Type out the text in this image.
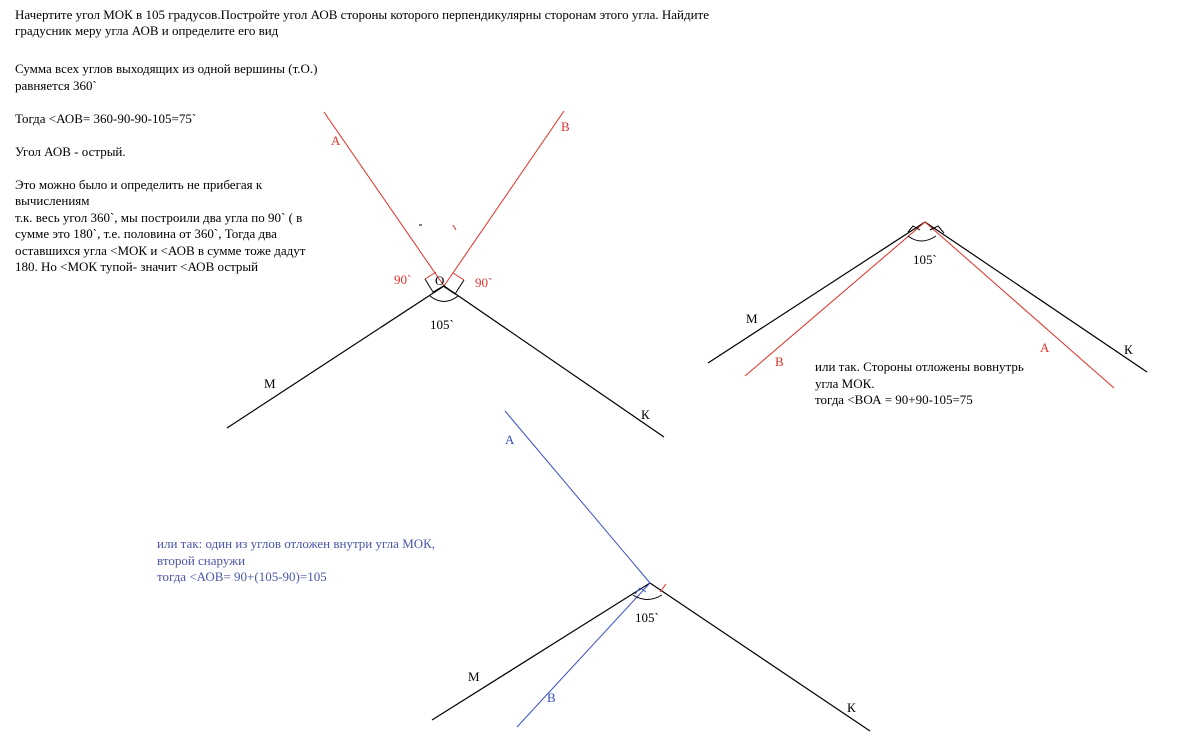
Начертите угол МОК в 105 градусов.Постройте угол АОВ стороны которого перпендикулярны сторонам этого угла. Найдите
градусник меру угла АОВ и определите его вид
Сумма всех углов выходящих из одной вершины (т.О.)
равняется 360`
Тогда <АОВ= 360-90-90-105=75`
Угол АОВ - острый.
Это можно было и определить не прибегая к
вычислениям
т.к. весь угол 360`, мы построили два угла по 90` ( в
сумме это 180`, т.е. половина от 360`, Тогда два
оставшихся угла <МОК и <АОВ в сумме тоже дадут
180. Но <МОК тупой- значит <АОВ острый
или так. Стороны отложены вовнутрь
угла МОК.
тогда <ВОА = 90+90-105=75
или так: один из углов отложен внутри угла МОК,
второй снаружи
тогда <АОВ= 90+(105-90)=105
А
В
О
М
К
90`	90`
105`	М
К
В
А
105`
М
К
А
В
105`
